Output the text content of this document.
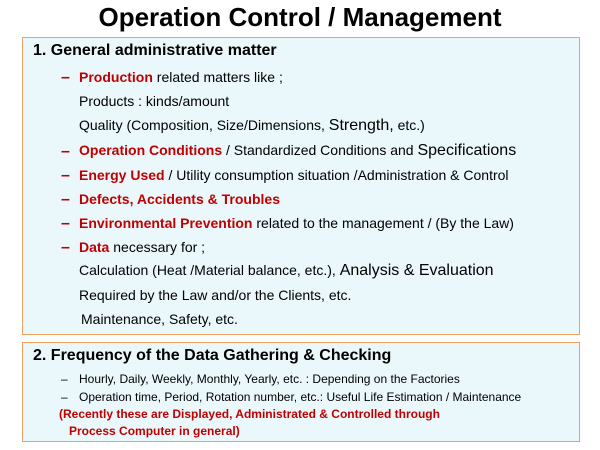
Operation Control / Management
1. General administrative matter
– Production related matters like ;
Products : kinds/amount
Quality (Composition, Size/Dimensions, Strength, etc.)
– Operation Conditions / Standardized Conditions and Specifications
– Energy Used / Utility consumption situation /Administration & Control
– Defects, Accidents & Troubles
– Environmental Prevention related to the management / (By the Law)
– Data necessary for ;
Calculation (Heat /Material balance, etc.), Analysis & Evaluation
Required by the Law and/or the Clients, etc.
Maintenance, Safety, etc.
2. Frequency of the Data Gathering & Checking
– Hourly, Daily, Weekly, Monthly, Yearly, etc. : Depending on the Factories
– Operation time, Period, Rotation number, etc.: Useful Life Estimation / Maintenance
(Recently these are Displayed, Administrated & Controlled through
Process Computer in general)
